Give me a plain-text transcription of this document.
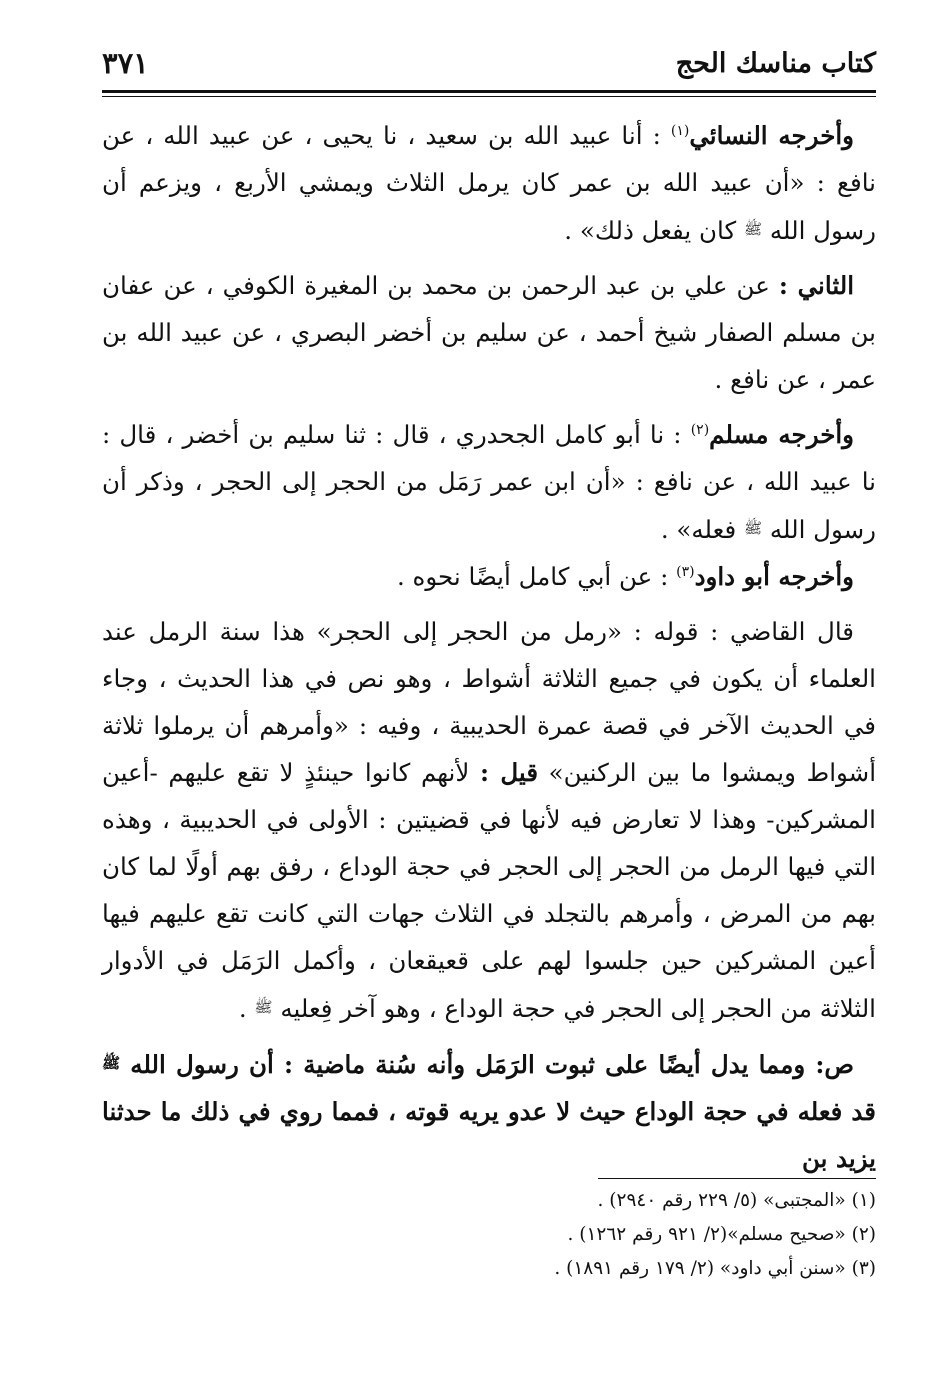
كتاب مناسك الحج
٣٧١

وأخرجه النسائي$^{(١)}$ : أنا عبيد الله بن سعيد ، نا يحيى ، عن عبيد الله ، عن نافع : «أن عبيد الله بن عمر كان يرمل الثلاث ويمشي الأربع ، ويزعم أن رسول الله $^ﷺ$ كان يفعل ذلك» .

الثاني : عن علي بن عبد الرحمن بن محمد بن المغيرة الكوفي ، عن عفان بن مسلم الصفار شيخ أحمد ، عن سليم بن أخضر البصري ، عن عبيد الله بن عمر ، عن نافع .

وأخرجه مسلم$^{(٢)}$ : نا أبو كامل الجحدري ، قال : ثنا سليم بن أخضر ، قال : نا عبيد الله ، عن نافع : «أن ابن عمر رَمَل من الحجر إلى الحجر ، وذكر أن رسول الله $^ﷺ$ فعله» .

وأخرجه أبو داود$^{(٣)}$ : عن أبي كامل أيضًا نحوه .

قال القاضي : قوله : «رمل من الحجر إلى الحجر» هذا سنة الرمل عند العلماء أن يكون في جميع الثلاثة أشواط ، وهو نص في هذا الحديث ، وجاء في الحديث الآخر في قصة عمرة الحديبية ، وفيه : «وأمرهم أن يرملوا ثلاثة أشواط ويمشوا ما بين الركنين» قيل : لأنهم كانوا حينئذٍ لا تقع عليهم -أعين المشركين- وهذا لا تعارض فيه لأنها في قضيتين : الأولى في الحديبية ، وهذه التي فيها الرمل من الحجر إلى الحجر في حجة الوداع ، رفق بهم أولًا لما كان بهم من المرض ، وأمرهم بالتجلد في الثلاث جهات التي كانت تقع عليهم فيها أعين المشركين حين جلسوا لهم على قعيقعان ، وأكمل الرَمَل في الأدوار الثلاثة من الحجر إلى الحجر في حجة الوداع ، وهو آخر فِعليه $^ﷺ$ .

ص: ومما يدل أيضًا على ثبوت الرَمَل وأنه سُنة ماضية : أن رسول الله $^ﷺ$ قد فعله في حجة الوداع حيث لا عدو يريه قوته ، فمما روي في ذلك ما حدثنا يزيد بن

(١) «المجتبى» (٥/ ٢٢٩ رقم ٢٩٤٠) .
(٢) «صحيح مسلم»(٢/ ٩٢١ رقم ١٢٦٢) .
(٣) «سنن أبي داود» (٢/ ١٧٩ رقم ١٨٩١) .
